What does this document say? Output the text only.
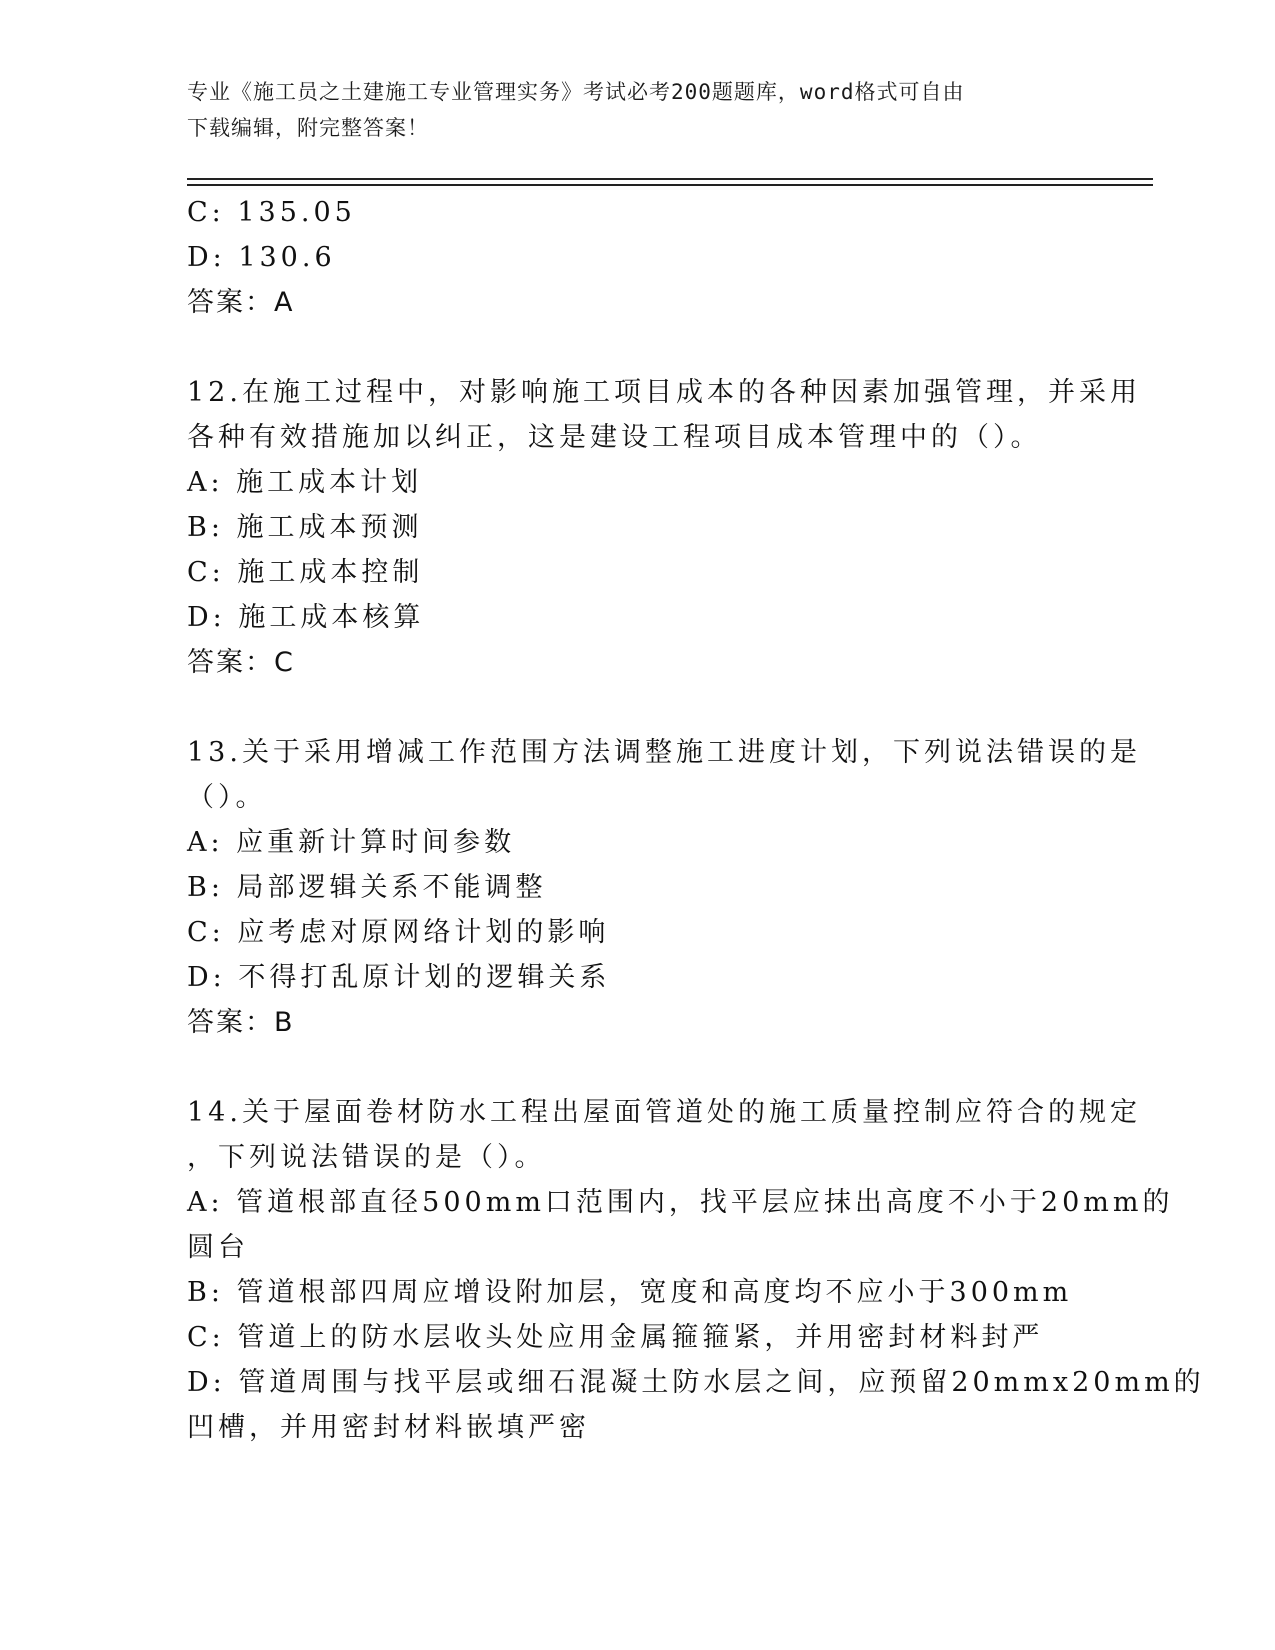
专业《施工员之土建施工专业管理实务》考试必考200题题库，word格式可自由
下载编辑，附完整答案！
C: 135.05
D: 130.6
答案：A
12.在施工过程中，对影响施工项目成本的各种因素加强管理，并采用
各种有效措施加以纠正，这是建设工程项目成本管理中的（）。
A: 施工成本计划
B: 施工成本预测
C: 施工成本控制
D: 施工成本核算
答案：C
13.关于采用增减工作范围方法调整施工进度计划，下列说法错误的是
（）。
A: 应重新计算时间参数
B: 局部逻辑关系不能调整
C: 应考虑对原网络计划的影响
D: 不得打乱原计划的逻辑关系
答案：B
14.关于屋面卷材防水工程出屋面管道处的施工质量控制应符合的规定
，下列说法错误的是（）。
A: 管道根部直径500mm口范围内，找平层应抹出高度不小于20mm的
圆台
B: 管道根部四周应增设附加层，宽度和高度均不应小于300mm
C: 管道上的防水层收头处应用金属箍箍紧，并用密封材料封严
D: 管道周围与找平层或细石混凝土防水层之间，应预留20mmx20mm的
凹槽，并用密封材料嵌填严密
